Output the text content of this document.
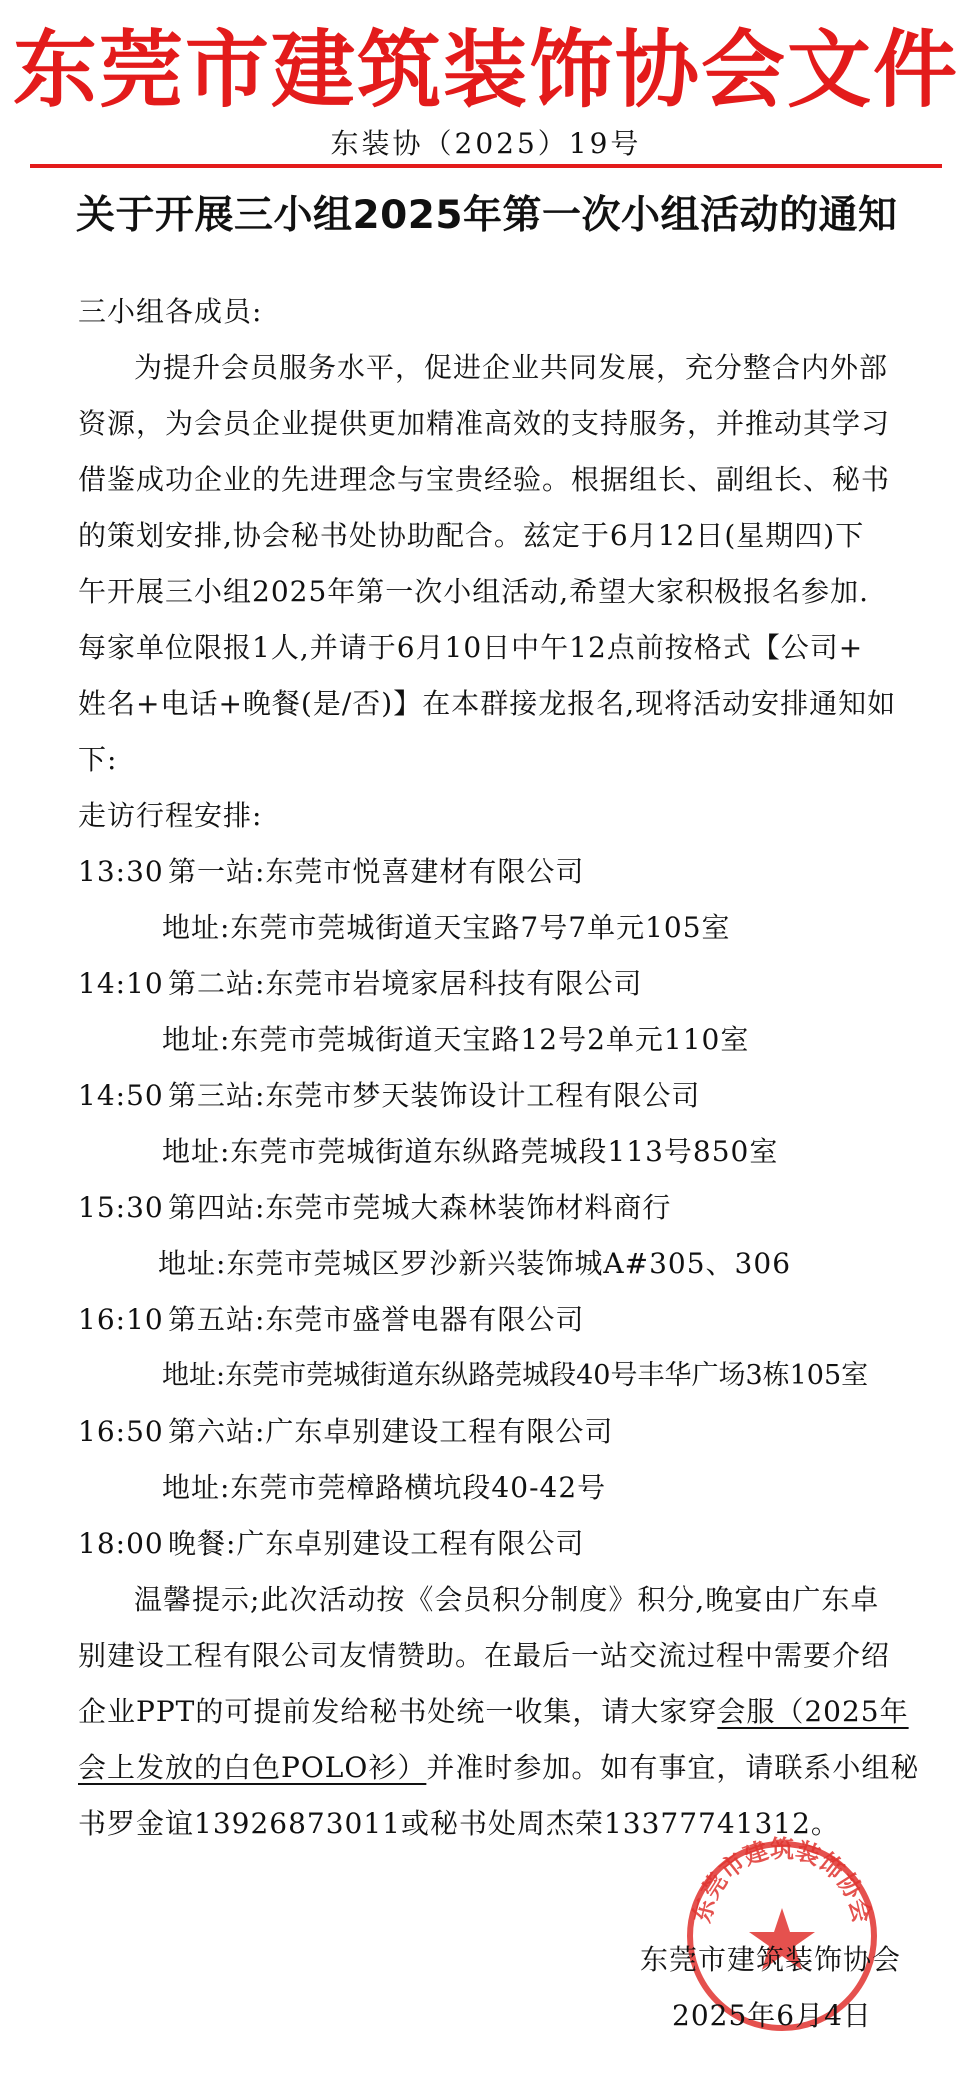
东莞市建筑装饰协会文件
东装协（2025）19号
关于开展三小组2025年第一次小组活动的通知
三小组各成员:
为提升会员服务水平，促进企业共同发展，充分整合内外部
资源，为会员企业提供更加精准高效的支持服务，并推动其学习
借鉴成功企业的先进理念与宝贵经验。根据组长、副组长、秘书
的策划安排,协会秘书处协助配合。兹定于6月12日(星期四)下
午开展三小组2025年第一次小组活动,希望大家积极报名参加.
每家单位限报1人,并请于6月10日中午12点前按格式【公司+
姓名+电话+晚餐(是/否)】在本群接龙报名,现将活动安排通知如
下:
走访行程安排:
13:30 第一站:东莞市悦喜建材有限公司
地址:东莞市莞城街道天宝路7号7单元105室
14:10 第二站:东莞市岩境家居科技有限公司
地址:东莞市莞城街道天宝路12号2单元110室
14:50 第三站:东莞市梦天装饰设计工程有限公司
地址:东莞市莞城街道东纵路莞城段113号850室
15:30 第四站:东莞市莞城大森林装饰材料商行
地址:东莞市莞城区罗沙新兴装饰城A#305、306
16:10 第五站:东莞市盛誉电器有限公司
地址:东莞市莞城街道东纵路莞城段40号丰华广场3栋105室
16:50 第六站:广东卓别建设工程有限公司
地址:东莞市莞樟路横坑段40-42号
18:00 晚餐:广东卓别建设工程有限公司
温馨提示;此次活动按《会员积分制度》积分,晚宴由广东卓
别建设工程有限公司友情赞助。在最后一站交流过程中需要介绍
企业PPT的可提前发给秘书处统一收集，请大家穿会服（2025年
会上发放的白色POLO衫）并准时参加。如有事宜，请联系小组秘
书罗金谊13926873011或秘书处周杰荣13377741312。
东莞市建筑装饰协会
东莞市建筑装饰协会
2025年6月4日
